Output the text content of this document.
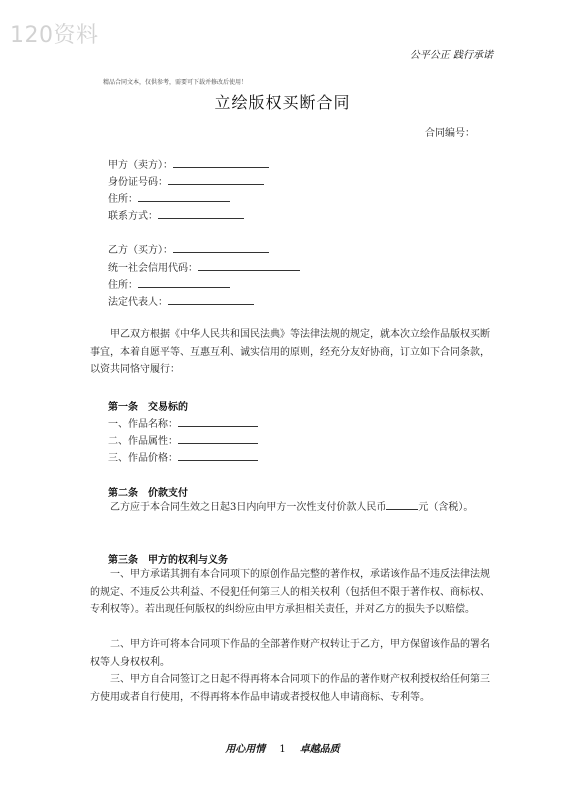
120资料
公平公正 践行承诺
精品合同文本，仅供参考，需要可下载并修改后使用！
立绘版权买断合同
合同编号：
甲方（卖方）：
身份证号码：
住所：
联系方式：
乙方（买方）：
统一社会信用代码：
住所：
法定代表人：
甲乙双方根据《中华人民共和国民法典》等法律法规的规定，就本次立绘作品版权买断事宜，本着自愿平等、互惠互利、诚实信用的原则，经充分友好协商，订立如下合同条款，以资共同恪守履行：
第一条　交易标的
一、作品名称：
二、作品属性：
三、作品价格：
第二条　价款支付
乙方应于本合同生效之日起3日内向甲方一次性支付价款人民币	元（含税）。
第三条　甲方的权利与义务
一、甲方承诺其拥有本合同项下的原创作品完整的著作权，承诺该作品不违反法律法规的规定、不违反公共利益、不侵犯任何第三人的相关权利（包括但不限于著作权、商标权、专利权等）。若出现任何版权的纠纷应由甲方承担相关责任，并对乙方的损失予以赔偿。
二、甲方许可将本合同项下作品的全部著作财产权转让于乙方，甲方保留该作品的署名权等人身权权利。
三、甲方自合同签订之日起不得再将本合同项下的作品的著作财产权利授权给任何第三方使用或者自行使用，不得再将本作品申请或者授权他人申请商标、专利等。
用心用情 1 卓越品质
